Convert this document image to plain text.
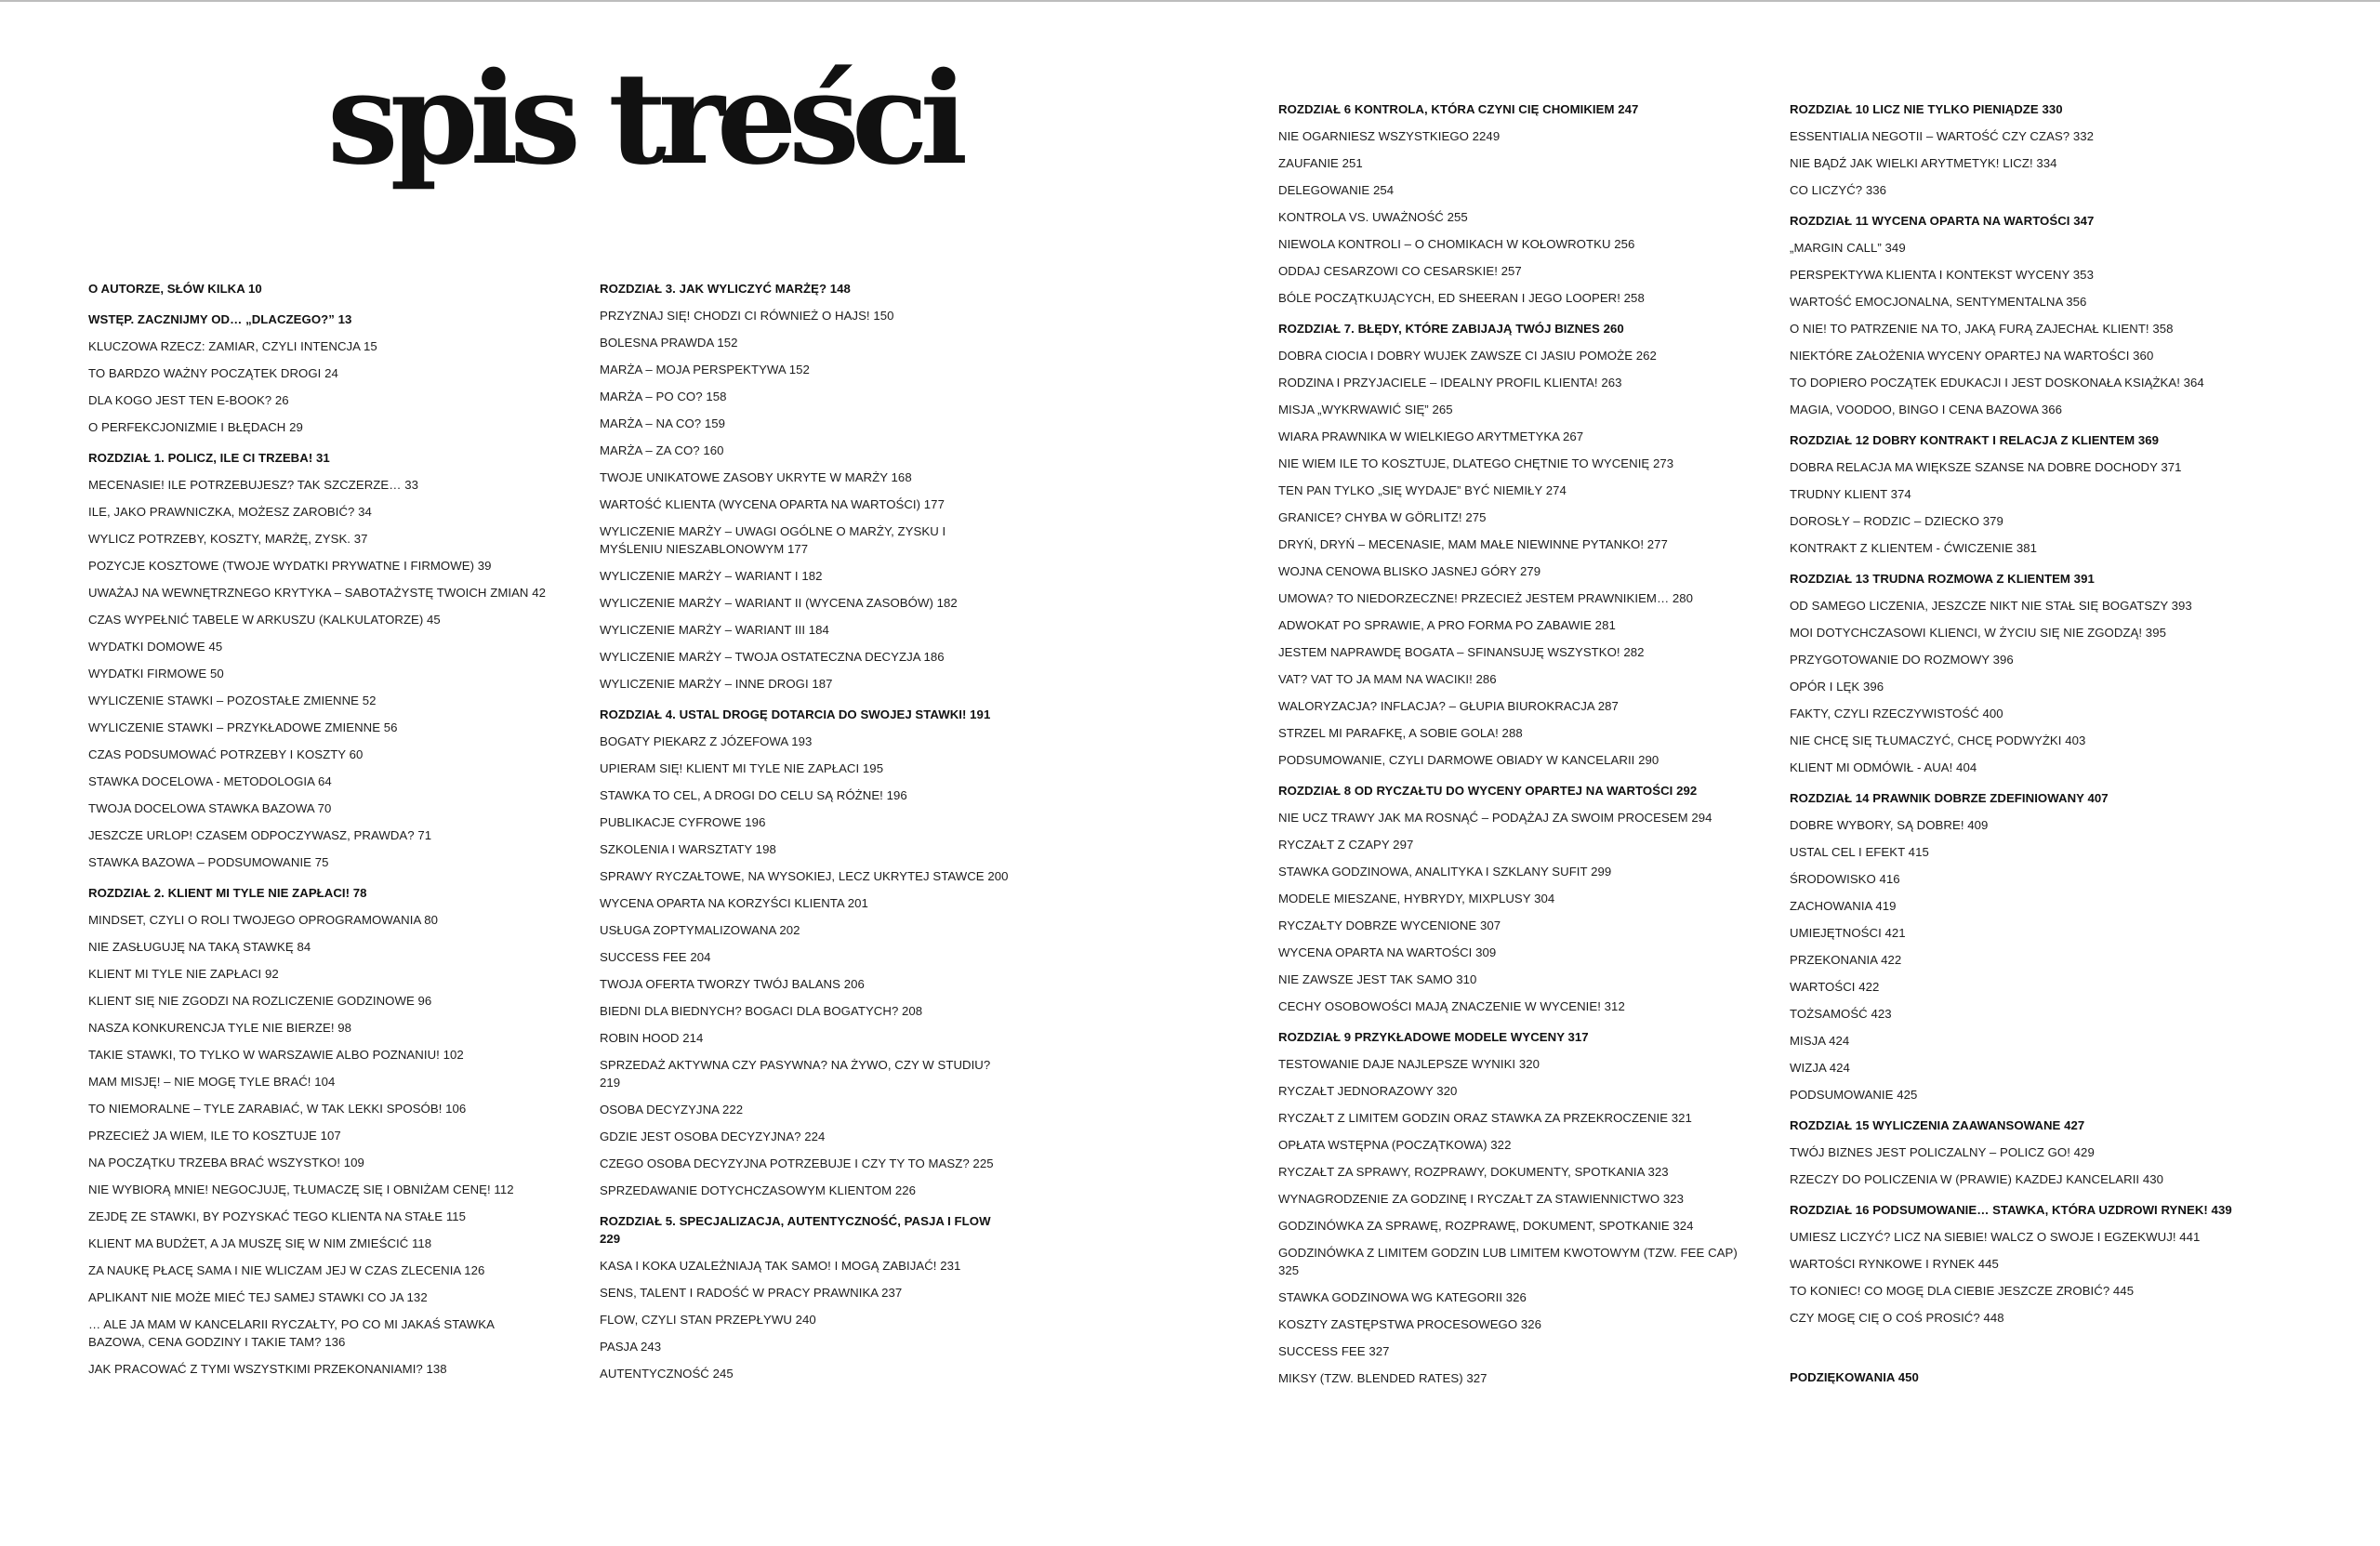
spis treści
O AUTORZE, SŁÓW KILKA 10
WSTĘP. ZACZNIJMY OD… „DLACZEGO?” 13
KLUCZOWA RZECZ: ZAMIAR, CZYLI INTENCJA 15
TO BARDZO WAŻNY POCZĄTEK DROGI 24
DLA KOGO JEST TEN E-BOOK? 26
O PERFEKCJONIZMIE I BŁĘDACH 29
ROZDZIAŁ 1. POLICZ, ILE CI TRZEBA! 31
MECENASIE! ILE POTRZEBUJESZ? TAK SZCZERZE… 33
ILE, JAKO PRAWNICZKA, MOŻESZ ZAROBIĆ? 34
WYLICZ POTRZEBY, KOSZTY, MARŻĘ, ZYSK. 37
POZYCJE KOSZTOWE (TWOJE WYDATKI PRYWATNE I FIRMOWE) 39
UWAŻAJ NA WEWNĘTRZNEGO KRYTYKA – SABOTAŻYSTĘ TWOICH ZMIAN 42
CZAS WYPEŁNIĆ TABELE W ARKUSZU (KALKULATORZE) 45
WYDATKI DOMOWE 45
WYDATKI FIRMOWE 50
WYLICZENIE STAWKI – POZOSTAŁE ZMIENNE 52
WYLICZENIE STAWKI – PRZYKŁADOWE ZMIENNE 56
CZAS PODSUMOWAĆ POTRZEBY I KOSZTY 60
STAWKA DOCELOWA - METODOLOGIA 64
TWOJA DOCELOWA STAWKA BAZOWA 70
JESZCZE URLOP! CZASEM ODPOCZYWASZ, PRAWDA? 71
STAWKA BAZOWA – PODSUMOWANIE 75
ROZDZIAŁ 2. KLIENT MI TYLE NIE ZAPŁACI! 78
MINDSET, CZYLI O ROLI TWOJEGO OPROGRAMOWANIA 80
NIE ZASŁUGUJĘ NA TAKĄ STAWKĘ 84
KLIENT MI TYLE NIE ZAPŁACI 92
KLIENT SIĘ NIE ZGODZI NA ROZLICZENIE GODZINOWE 96
NASZA KONKURENCJA TYLE NIE BIERZE! 98
TAKIE STAWKI, TO TYLKO W WARSZAWIE ALBO POZNANIU! 102
MAM MISJĘ! – NIE MOGĘ TYLE BRAĆ! 104
TO NIEMORALNE – TYLE ZARABIAĆ, W TAK LEKKI SPOSÓB! 106
PRZECIEŻ JA WIEM, ILE TO KOSZTUJE 107
NA POCZĄTKU TRZEBA BRAĆ WSZYSTKO! 109
NIE WYBIORĄ MNIE! NEGOCJUJĘ, TŁUMACZĘ SIĘ I OBNIŻAM CENĘ! 112
ZEJDĘ ZE STAWKI, BY POZYSKAĆ TEGO KLIENTA NA STAŁE 115
KLIENT MA BUDŻET, A JA MUSZĘ SIĘ W NIM ZMIEŚCIĆ 118
ZA NAUKĘ PŁACĘ SAMA I NIE WLICZAM JEJ W CZAS ZLECENIA 126
APLIKANT NIE MOŻE MIEĆ TEJ SAMEJ STAWKI CO JA 132
… ALE JA MAM W KANCELARII RYCZAŁTY, PO CO MI JAKAŚ STAWKA BAZOWA, CENA GODZINY I TAKIE TAM? 136
JAK PRACOWAĆ Z TYMI WSZYSTKIMI PRZEKONANIAMI? 138
ROZDZIAŁ 3. JAK WYLICZYĆ MARŻĘ? 148
PRZYZNAJ SIĘ! CHODZI CI RÓWNIEŻ O HAJS! 150
BOLESNA PRAWDA 152
MARŻA – MOJA PERSPEKTYWA 152
MARŻA – PO CO? 158
MARŻA – NA CO? 159
MARŻA – ZA CO? 160
TWOJE UNIKATOWE ZASOBY UKRYTE W MARŻY 168
WARTOŚĆ KLIENTA (WYCENA OPARTA NA WARTOŚCI) 177
WYLICZENIE MARŻY – UWAGI OGÓLNE O MARŻY, ZYSKU I MYŚLENIU NIESZABLONOWYM 177
WYLICZENIE MARŻY – WARIANT I 182
WYLICZENIE MARŻY – WARIANT II (WYCENA ZASOBÓW) 182
WYLICZENIE MARŻY – WARIANT III 184
WYLICZENIE MARŻY – TWOJA OSTATECZNA DECYZJA 186
WYLICZENIE MARŻY – INNE DROGI 187
ROZDZIAŁ 4. USTAL DROGĘ DOTARCIA DO SWOJEJ STAWKI! 191
BOGATY PIEKARZ Z JÓZEFOWA 193
UPIERAM SIĘ! KLIENT MI TYLE NIE ZAPŁACI 195
STAWKA TO CEL, A DROGI DO CELU SĄ RÓŻNE! 196
PUBLIKACJE CYFROWE 196
SZKOLENIA I WARSZTATY 198
SPRAWY RYCZAŁTOWE, NA WYSOKIEJ, LECZ UKRYTEJ STAWCE 200
WYCENA OPARTA NA KORZYŚCI KLIENTA 201
USŁUGA ZOPTYMALIZOWANA 202
SUCCESS FEE 204
TWOJA OFERTA TWORZY TWÓJ BALANS 206
BIEDNI DLA BIEDNYCH? BOGACI DLA BOGATYCH? 208
ROBIN HOOD 214
SPRZEDAŻ AKTYWNA CZY PASYWNA? NA ŻYWO, CZY W STUDIU? 219
OSOBA DECYZYJNA 222
GDZIE JEST OSOBA DECYZYJNA? 224
CZEGO OSOBA DECYZYJNA POTRZEBUJE I CZY TY TO MASZ? 225
SPRZEDAWANIE DOTYCHCZASOWYM KLIENTOM 226
ROZDZIAŁ 5. SPECJALIZACJA, AUTENTYCZNOŚĆ, PASJA I FLOW 229
KASA I KOKA UZALEŻNIAJĄ TAK SAMO! I MOGĄ ZABIJAĆ! 231
SENS, TALENT I RADOŚĆ W PRACY PRAWNIKA 237
FLOW, CZYLI STAN PRZEPŁYWU 240
PASJA 243
AUTENTYCZNOŚĆ 245
ROZDZIAŁ 6 KONTROLA, KTÓRA CZYNI CIĘ CHOMIKIEM 247
NIE OGARNIESZ WSZYSTKIEGO 2249
ZAUFANIE 251
DELEGOWANIE 254
KONTROLA VS. UWAŻNOŚĆ 255
NIEWOLA KONTROLI – O CHOMIKACH W KOŁOWROTKU 256
ODDAJ CESARZOWI CO CESARSKIE! 257
BÓLE POCZĄTKUJĄCYCH, ED SHEERAN I JEGO LOOPER! 258
ROZDZIAŁ 7. BŁĘDY, KTÓRE ZABIJAJĄ TWÓJ BIZNES 260
DOBRA CIOCIA I DOBRY WUJEK ZAWSZE CI JASIU POMOŻE 262
RODZINA I PRZYJACIELE – IDEALNY PROFIL KLIENTA! 263
MISJA „WYKRWAWIĆ SIĘ” 265
WIARA PRAWNIKA W WIELKIEGO ARYTMETYKA 267
NIE WIEM ILE TO KOSZTUJE, DLATEGO CHĘTNIE TO WYCENIĘ 273
TEN PAN TYLKO „SIĘ WYDAJE” BYĆ NIEMIŁY 274
GRANICE? CHYBA W GÖRLITZ! 275
DRYŃ, DRYŃ – MECENASIE, MAM MAŁE NIEWINNE PYTANKO! 277
WOJNA CENOWA BLISKO JASNEJ GÓRY 279
UMOWA? TO NIEDORZECZNE! PRZECIEŻ JESTEM PRAWNIKIEM… 280
ADWOKAT PO SPRAWIE, A PRO FORMA PO ZABAWIE 281
JESTEM NAPRAWDĘ BOGATA – SFINANSUJĘ WSZYSTKO! 282
VAT? VAT TO JA MAM NA WACIKI! 286
WALORYZACJA? INFLACJA? – GŁUPIA BIUROKRACJA 287
STRZEL MI PARAFKĘ, A SOBIE GOLA! 288
PODSUMOWANIE, CZYLI DARMOWE OBIADY W KANCELARII 290
ROZDZIAŁ 8 OD RYCZAŁTU DO WYCENY OPARTEJ NA WARTOŚCI 292
NIE UCZ TRAWY JAK MA ROSNĄĆ – PODĄŻAJ ZA SWOIM PROCESEM 294
RYCZAŁT Z CZAPY 297
STAWKA GODZINOWA, ANALITYKA I SZKLANY SUFIT 299
MODELE MIESZANE, HYBRYDY, MIXPLUSY 304
RYCZAŁTY DOBRZE WYCENIONE 307
WYCENA OPARTA NA WARTOŚCI 309
NIE ZAWSZE JEST TAK SAMO 310
CECHY OSOBOWOŚCI MAJĄ ZNACZENIE W WYCENIE! 312
ROZDZIAŁ 9 PRZYKŁADOWE MODELE WYCENY 317
TESTOWANIE DAJE NAJLEPSZE WYNIKI 320
RYCZAŁT JEDNORAZOWY 320
RYCZAŁT Z LIMITEM GODZIN ORAZ STAWKA ZA PRZEKROCZENIE 321
OPŁATA WSTĘPNA (POCZĄTKOWA) 322
RYCZAŁT ZA SPRAWY, ROZPRAWY, DOKUMENTY, SPOTKANIA 323
WYNAGRODZENIE ZA GODZINĘ I RYCZAŁT ZA STAWIENNICTWO 323
GODZINÓWKA ZA SPRAWĘ, ROZPRAWĘ, DOKUMENT, SPOTKANIE 324
GODZINÓWKA Z LIMITEM GODZIN LUB LIMITEM KWOTOWYM (TZW. FEE CAP) 325
STAWKA GODZINOWA WG KATEGORII 326
KOSZTY ZASTĘPSTWA PROCESOWEGO 326
SUCCESS FEE 327
MIKSY (TZW. BLENDED RATES) 327
ROZDZIAŁ 10 LICZ NIE TYLKO PIENIĄDZE 330
ESSENTIALIA NEGOTII – WARTOŚĆ CZY CZAS? 332
NIE BĄDŹ JAK WIELKI ARYTMETYK! LICZ! 334
CO LICZYĆ? 336
ROZDZIAŁ 11 WYCENA OPARTA NA WARTOŚCI 347
„MARGIN CALL” 349
PERSPEKTYWA KLIENTA I KONTEKST WYCENY 353
WARTOŚĆ EMOCJONALNA, SENTYMENTALNA 356
O NIE! TO PATRZENIE NA TO, JAKĄ FURĄ ZAJECHAŁ KLIENT! 358
NIEKTÓRE ZAŁOŻENIA WYCENY OPARTEJ NA WARTOŚCI 360
TO DOPIERO POCZĄTEK EDUKACJI I JEST DOSKONAŁA KSIĄŻKA! 364
MAGIA, VOODOO, BINGO I CENA BAZOWA 366
ROZDZIAŁ 12 DOBRY KONTRAKT I RELACJA Z KLIENTEM 369
DOBRA RELACJA MA WIĘKSZE SZANSE NA DOBRE DOCHODY 371
TRUDNY KLIENT 374
DOROSŁY – RODZIC – DZIECKO 379
KONTRAKT Z KLIENTEM - ĆWICZENIE 381
ROZDZIAŁ 13 TRUDNA ROZMOWA Z KLIENTEM 391
OD SAMEGO LICZENIA, JESZCZE NIKT NIE STAŁ SIĘ BOGATSZY 393
MOI DOTYCHCZASOWI KLIENCI, W ŻYCIU SIĘ NIE ZGODZĄ! 395
PRZYGOTOWANIE DO ROZMOWY 396
OPÓR I LĘK 396
FAKTY, CZYLI RZECZYWISTOŚĆ 400
NIE CHCĘ SIĘ TŁUMACZYĆ, CHCĘ PODWYŻKI 403
KLIENT MI ODMÓWIŁ - AUA! 404
ROZDZIAŁ 14 PRAWNIK DOBRZE ZDEFINIOWANY 407
DOBRE WYBORY, SĄ DOBRE! 409
USTAL CEL I EFEKT 415
ŚRODOWISKO 416
ZACHOWANIA 419
UMIEJĘTNOŚCI 421
PRZEKONANIA 422
WARTOŚCI 422
TOŻSAMOŚĆ 423
MISJA 424
WIZJA 424
PODSUMOWANIE 425
ROZDZIAŁ 15 WYLICZENIA ZAAWANSOWANE 427
TWÓJ BIZNES JEST POLICZALNY – POLICZ GO! 429
RZECZY DO POLICZENIA W (PRAWIE) KAZDEJ KANCELARII 430
ROZDZIAŁ 16 PODSUMOWANIE… STAWKA, KTÓRA UZDROWI RYNEK! 439
UMIESZ LICZYĆ? LICZ NA SIEBIE! WALCZ O SWOJE I EGZEKWUJ! 441
WARTOŚCI RYNKOWE I RYNEK 445
TO KONIEC! CO MOGĘ DLA CIEBIE JESZCZE ZROBIĆ? 445
CZY MOGĘ CIĘ O COŚ PROSIĆ? 448
PODZIĘKOWANIA 450
